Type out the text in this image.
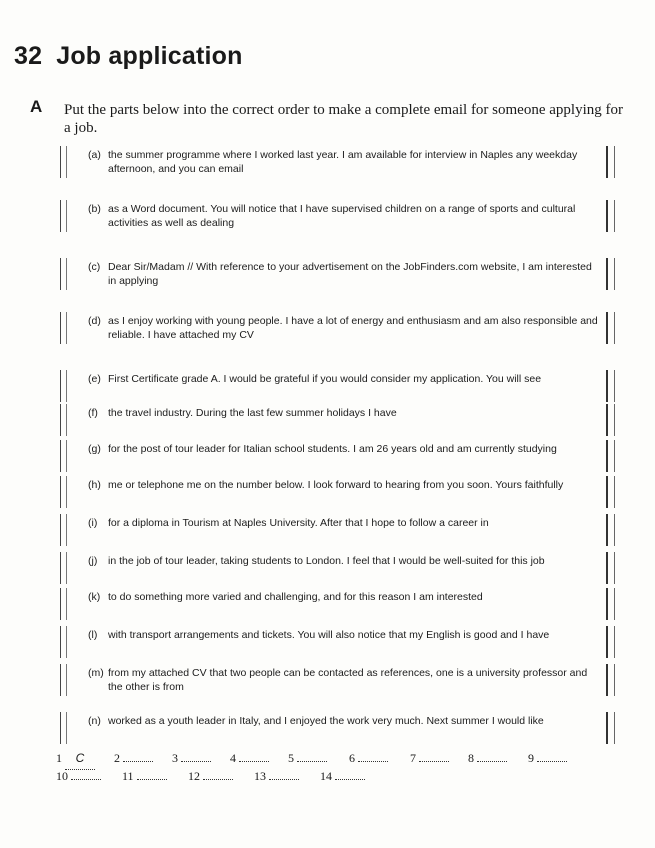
32 Job application
A Put the parts below into the correct order to make a complete email for someone applying for a job.
(a) the summer programme where I worked last year. I am available for interview in Naples any weekday afternoon, and you can email
(b) as a Word document. You will notice that I have supervised children on a range of sports and cultural activities as well as dealing
(c) Dear Sir/Madam // With reference to your advertisement on the JobFinders.com website, I am interested in applying
(d) as I enjoy working with young people. I have a lot of energy and enthusiasm and am also responsible and reliable. I have attached my CV
(e) First Certificate grade A. I would be grateful if you would consider my application. You will see
(f) the travel industry. During the last few summer holidays I have
(g) for the post of tour leader for Italian school students. I am 26 years old and am currently studying
(h) me or telephone me on the number below. I look forward to hearing from you soon. Yours faithfully
(i)	for a diploma in Tourism at Naples University. After that I hope to follow a career in
(j)	in the job of tour leader, taking students to London. I feel that I would be well-suited for this job
(k) to do something more varied and challenging, and for this reason I am interested
(l)	with transport arrangements and tickets. You will also notice that my English is good and I have
(m) from my attached CV that two people can be contacted as references, one is a university professor and the other is from
(n) worked as a youth leader in Italy, and I enjoyed the work very much. Next summer I would like
1 C	2	3	4	5	6	7	8	9
10	11	12	13	14
